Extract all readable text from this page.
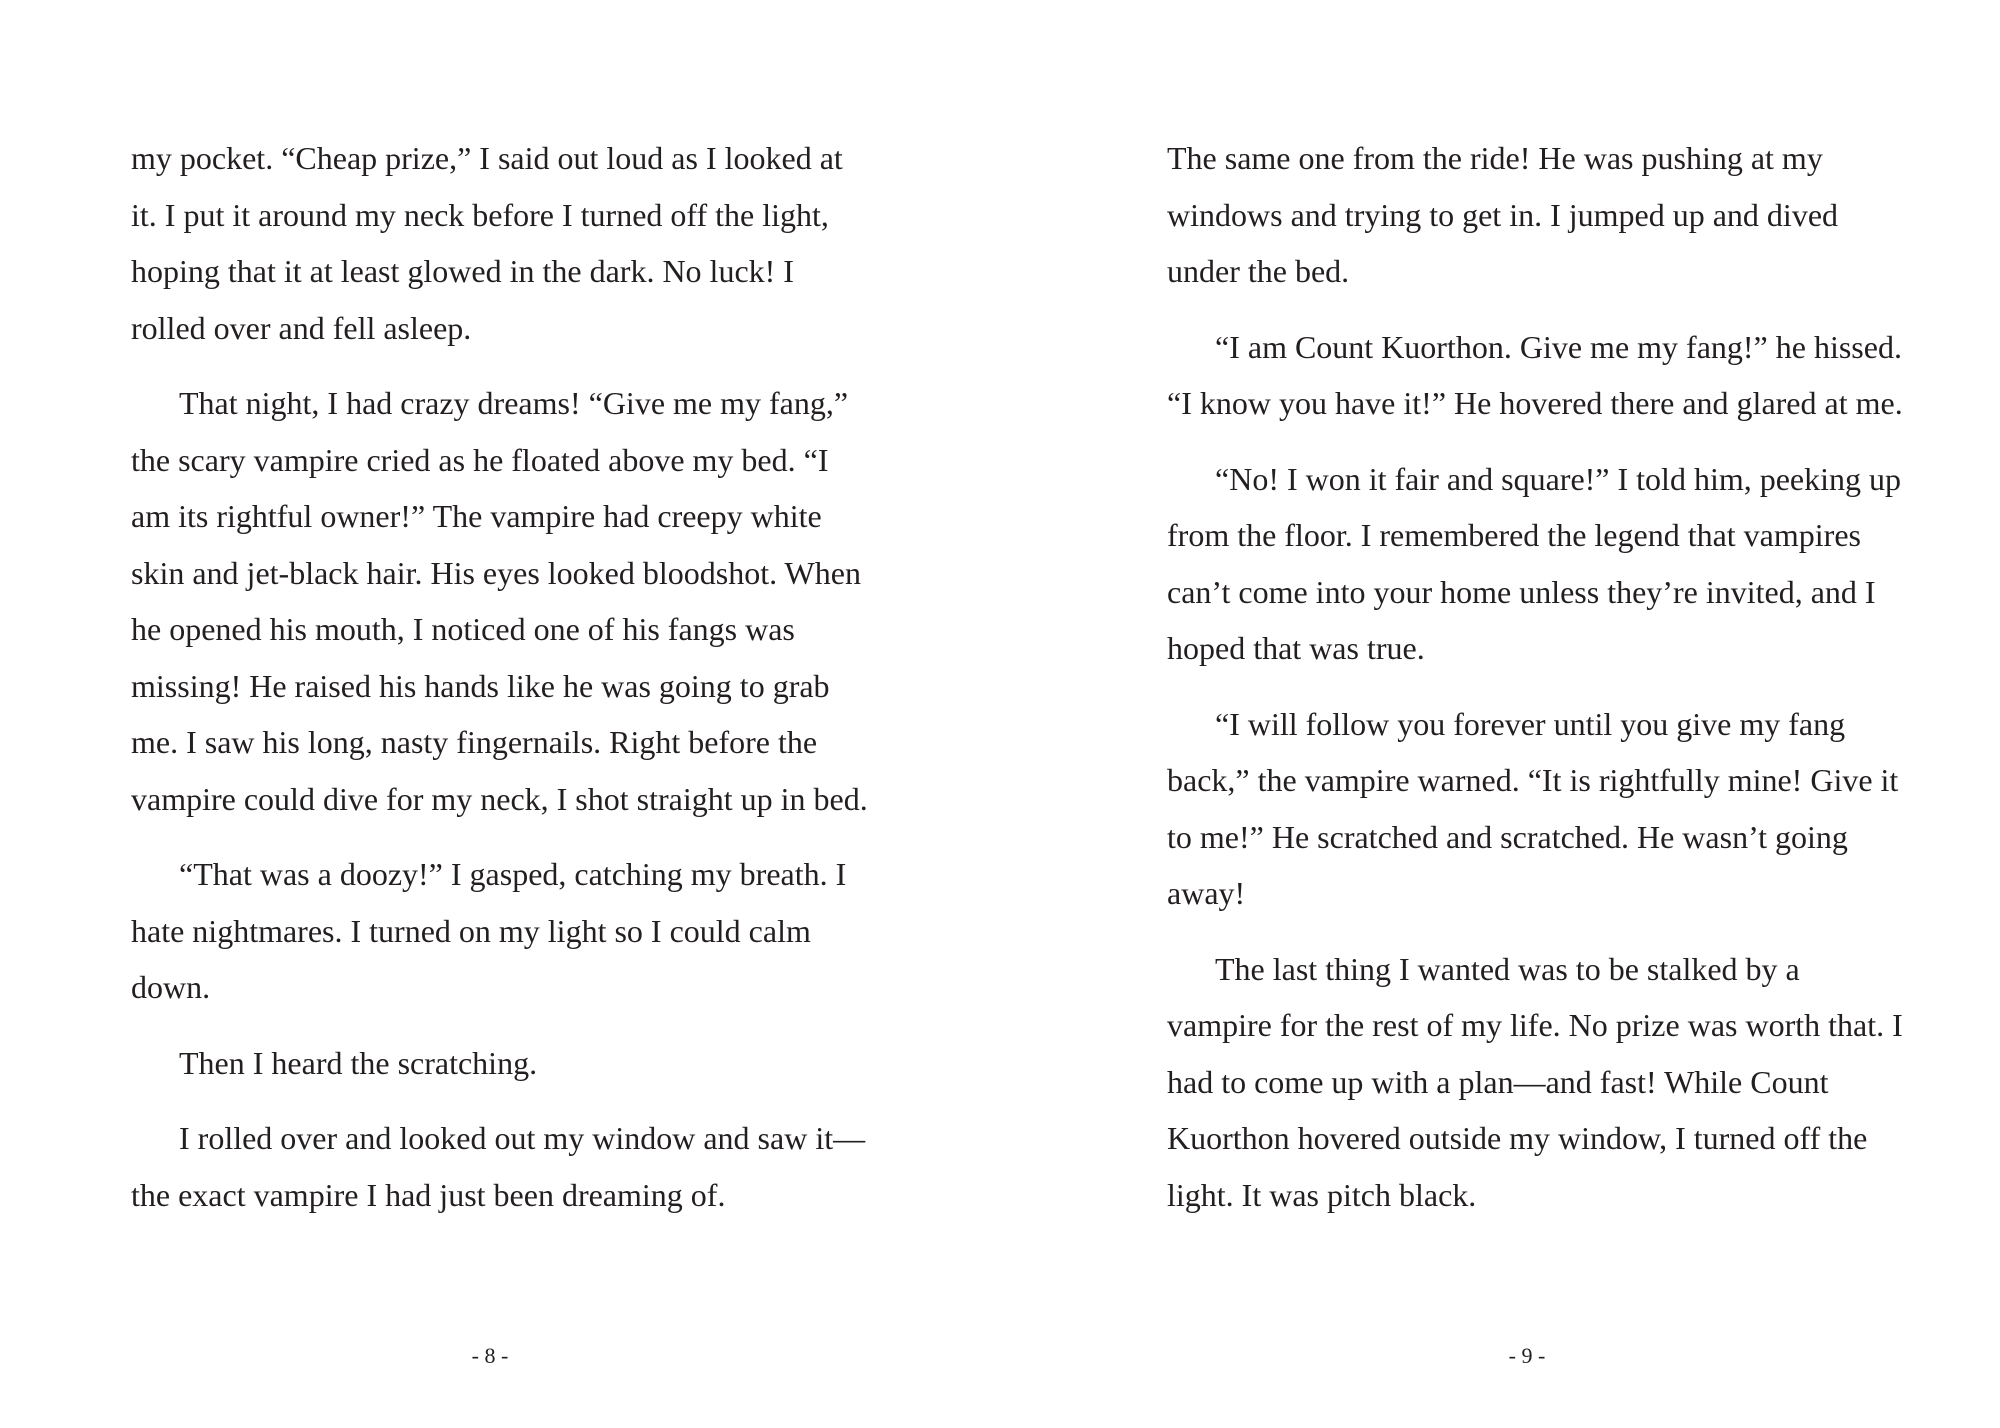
my pocket. “Cheap prize,” I said out loud as I looked at it. I put it around my neck before I turned off the light, hoping that it at least glowed in the dark. No luck! I rolled over and fell asleep.

That night, I had crazy dreams! “Give me my fang,” the scary vampire cried as he floated above my bed. “I am its rightful owner!” The vampire had creepy white skin and jet-black hair. His eyes looked bloodshot. When he opened his mouth, I noticed one of his fangs was missing! He raised his hands like he was going to grab me. I saw his long, nasty fingernails. Right before the vampire could dive for my neck, I shot straight up in bed.

“That was a doozy!” I gasped, catching my breath. I hate nightmares. I turned on my light so I could calm down.

Then I heard the scratching.

I rolled over and looked out my window and saw it—the exact vampire I had just been dreaming of.

The same one from the ride! He was pushing at my windows and trying to get in. I jumped up and dived under the bed.

“I am Count Kuorthon. Give me my fang!” he hissed. “I know you have it!” He hovered there and glared at me.

“No! I won it fair and square!” I told him, peeking up from the floor. I remembered the legend that vampires can’t come into your home unless they’re invited, and I hoped that was true.

“I will follow you forever until you give my fang back,” the vampire warned. “It is rightfully mine! Give it to me!” He scratched and scratched. He wasn’t going away!

The last thing I wanted was to be stalked by a vampire for the rest of my life. No prize was worth that. I had to come up with a plan—and fast! While Count Kuorthon hovered outside my window, I turned off the light. It was pitch black.

- 8 -	- 9 -
